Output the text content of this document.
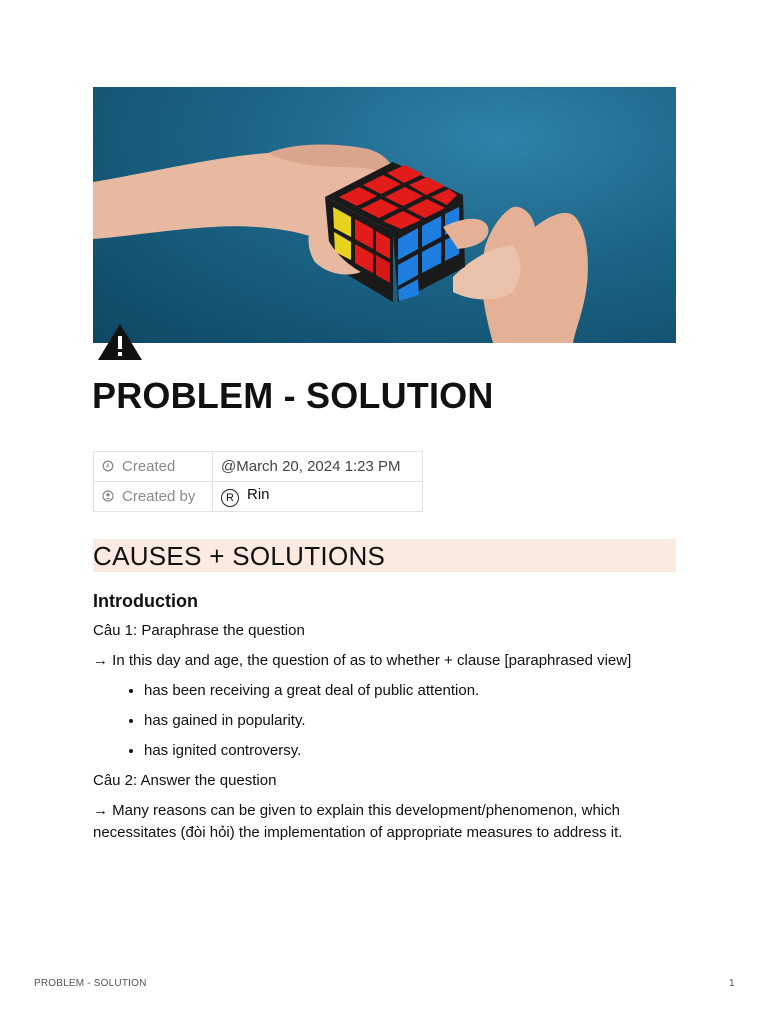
PROBLEM - SOLUTION
Created	@March 20, 2024 1:23 PM
Created by	R Rin
CAUSES + SOLUTIONS
Introduction

Câu 1: Paraphrase the question

→ In this day and age, the question of as to whether + clause [paraphrased view]

• has been receiving a great deal of public attention.
• has gained in popularity.
• has ignited controversy.

Câu 2: Answer the question

→ Many reasons can be given to explain this development/phenomenon, which necessitates (đòi hỏi) the implementation of appropriate measures to address it.

PROBLEM - SOLUTION	1
